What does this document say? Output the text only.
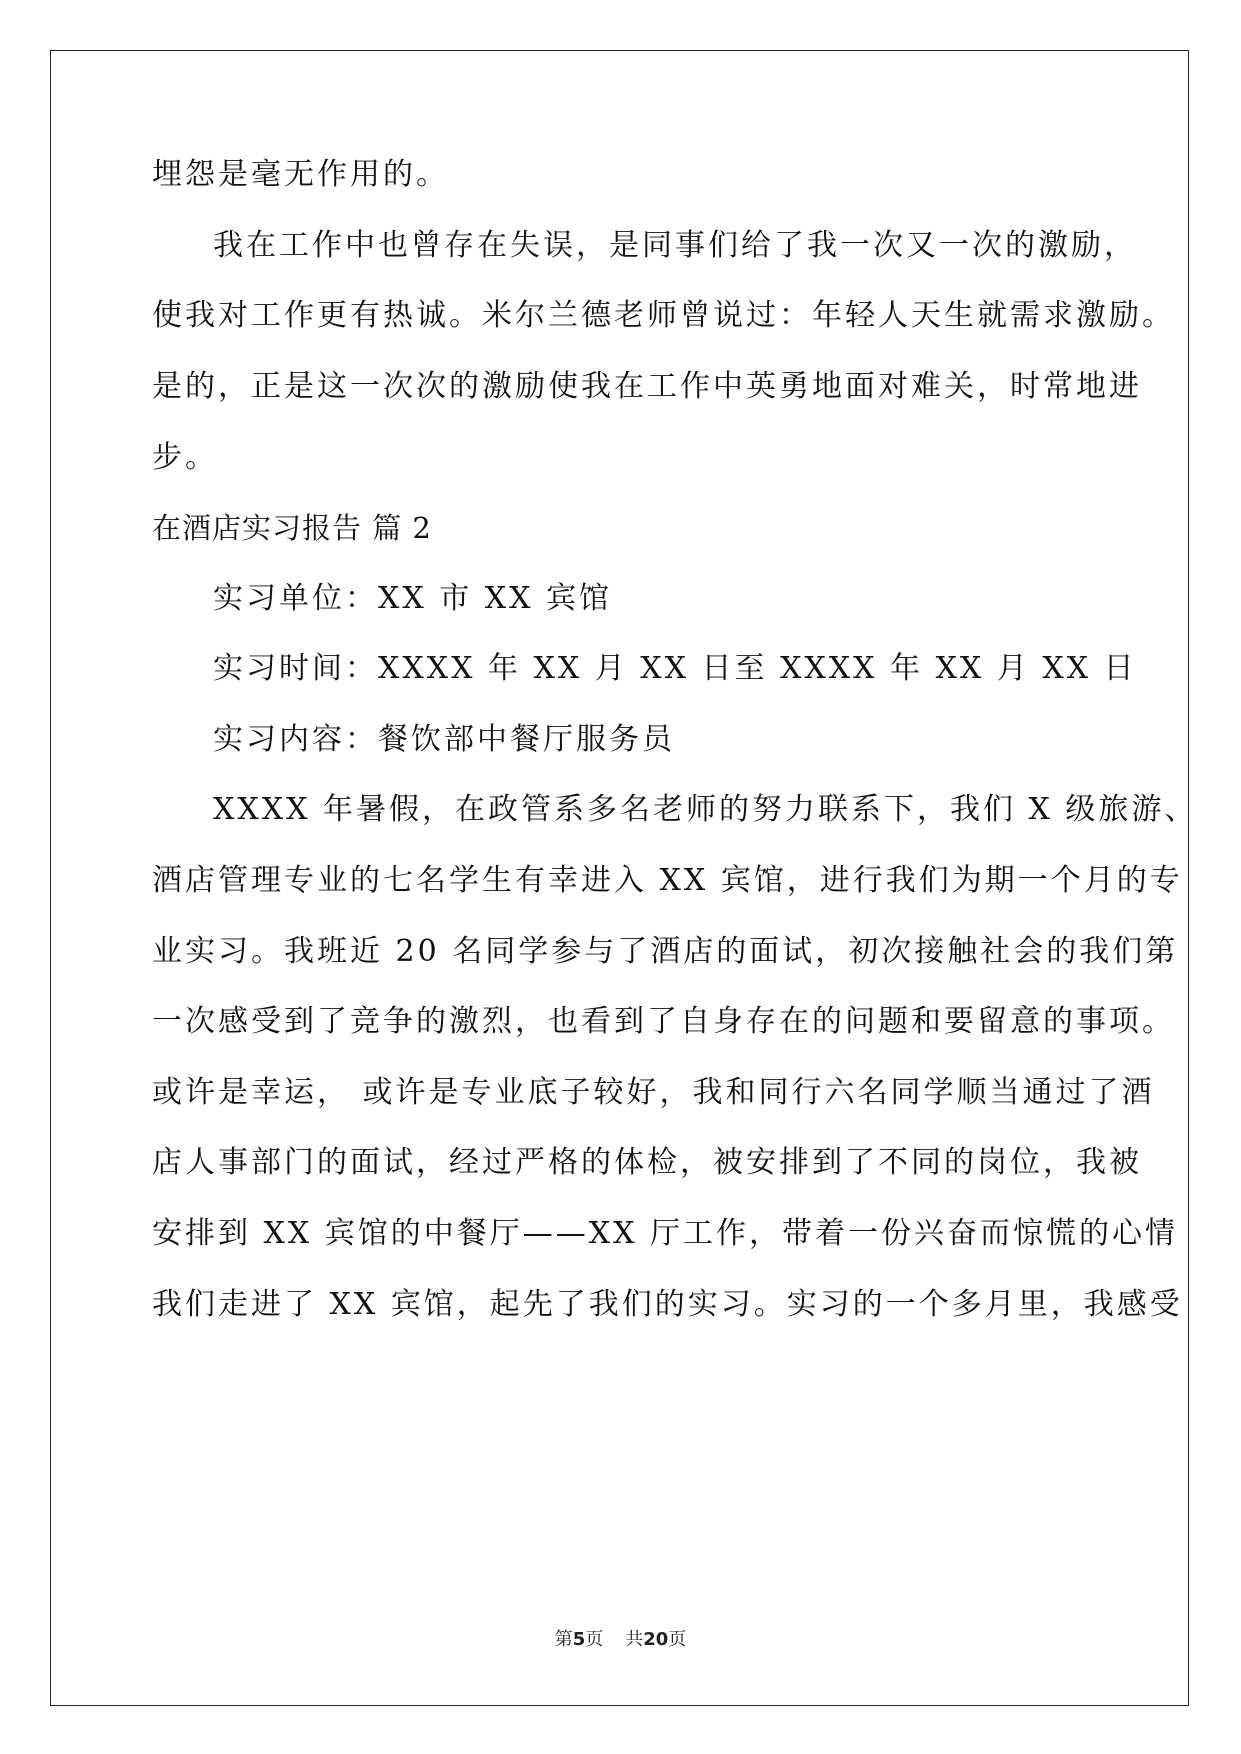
埋怨是毫无作用的。
我在工作中也曾存在失误，是同事们给了我一次又一次的激励，
使我对工作更有热诚。米尔兰德老师曾说过：年轻人天生就需求激励。
是的，正是这一次次的激励使我在工作中英勇地面对难关，时常地进
步。
在酒店实习报告 篇 2
实习单位：XX 市 XX 宾馆
实习时间：XXXX 年 XX 月 XX 日至 XXXX 年 XX 月 XX 日
实习内容：餐饮部中餐厅服务员
XXXX 年暑假，在政管系多名老师的努力联系下，我们 X 级旅游、
酒店管理专业的七名学生有幸进入 XX 宾馆，进行我们为期一个月的专
业实习。我班近 20 名同学参与了酒店的面试，初次接触社会的我们第
一次感受到了竞争的激烈，也看到了自身存在的问题和要留意的事项。
或许是幸运， 或许是专业底子较好，我和同行六名同学顺当通过了酒
店人事部门的面试，经过严格的体检，被安排到了不同的岗位，我被
安排到 XX 宾馆的中餐厅——XX 厅工作，带着一份兴奋而惊慌的心情
我们走进了 XX 宾馆，起先了我们的实习。实习的一个多月里，我感受
第5页 共20页
